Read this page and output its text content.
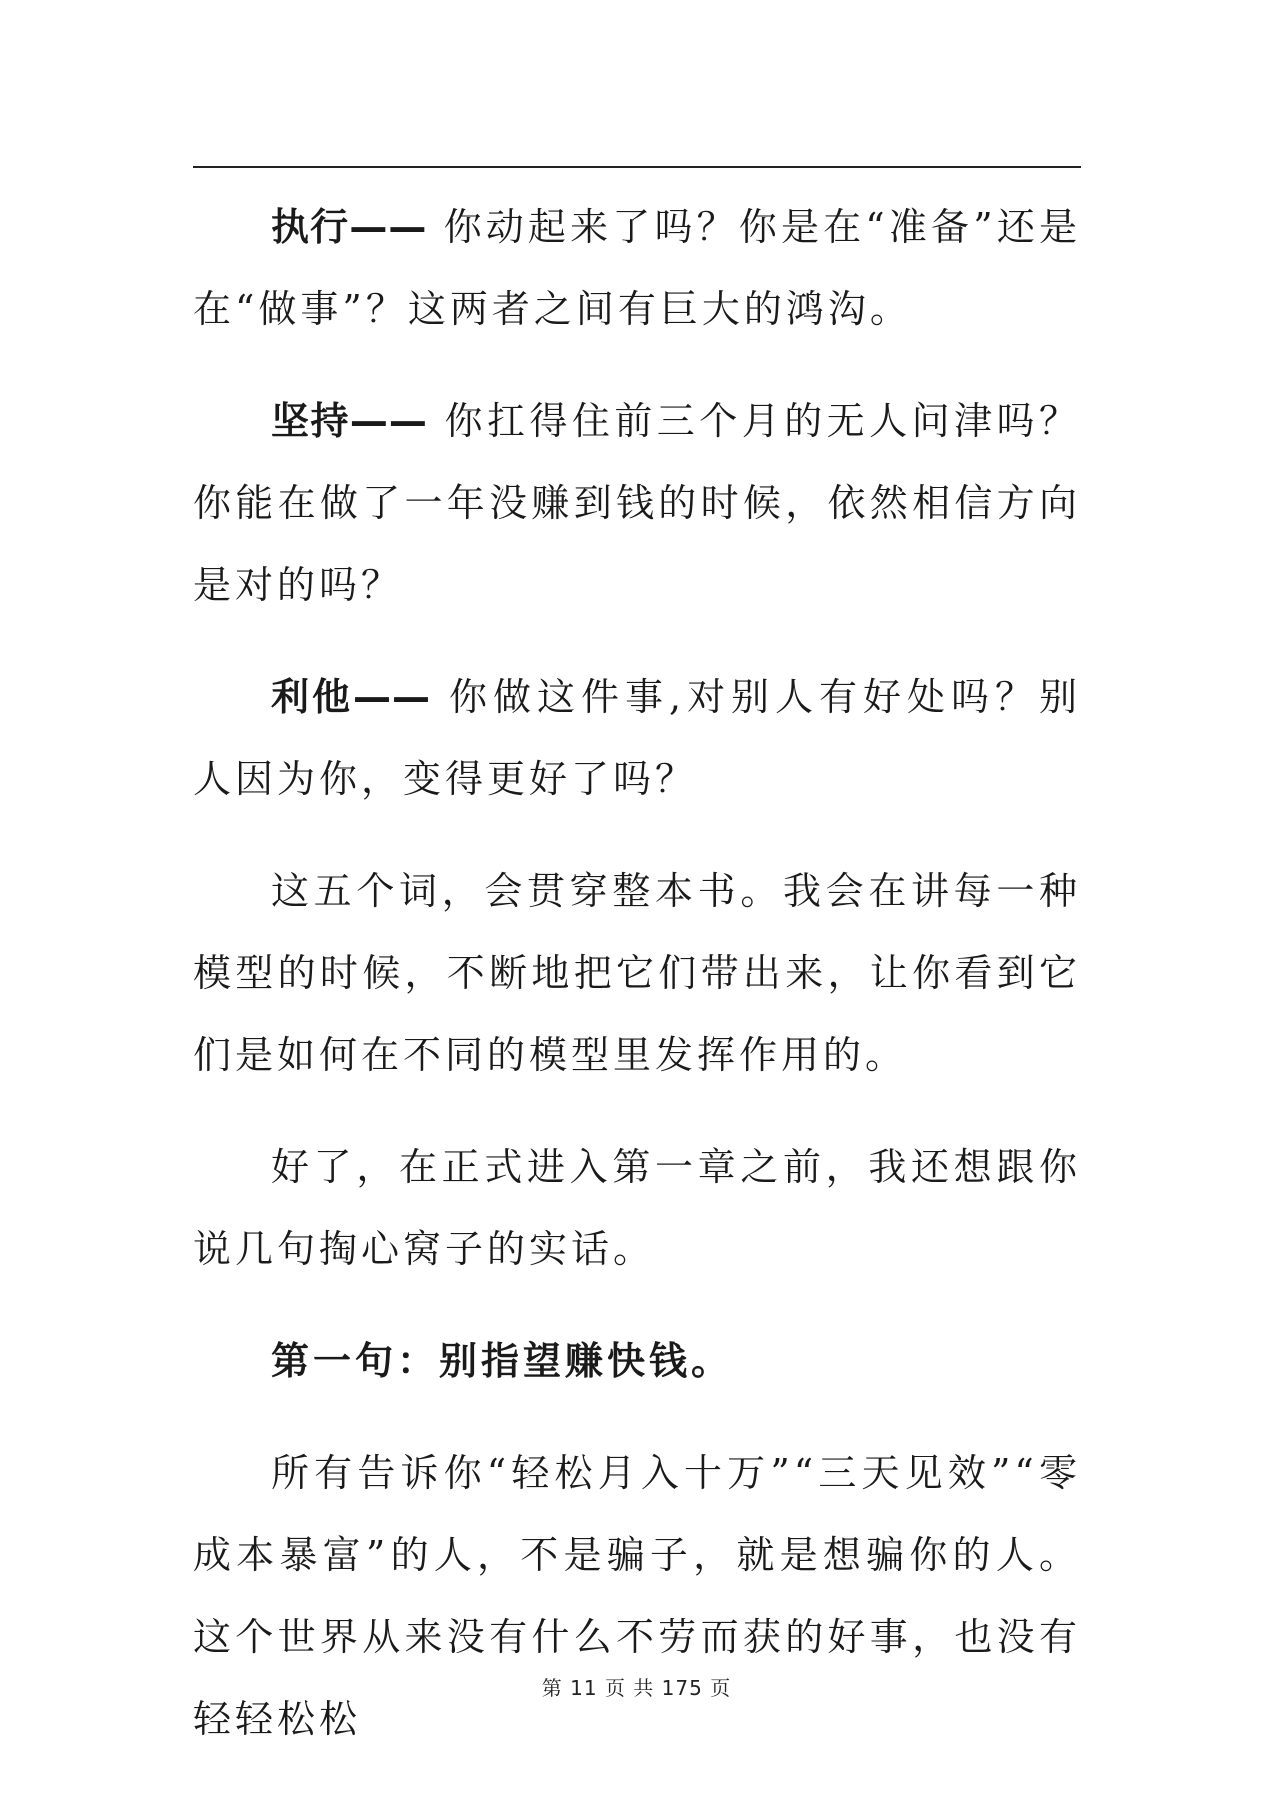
执行—— 你动起来了吗？你是在“准备”还是在“做事”？这两者之间有巨大的鸿沟。

坚持—— 你扛得住前三个月的无人问津吗？你能在做了一年没赚到钱的时候，依然相信方向是对的吗？

利他—— 你做这件事,对别人有好处吗？别人因为你，变得更好了吗？

这五个词，会贯穿整本书。我会在讲每一种模型的时候，不断地把它们带出来，让你看到它们是如何在不同的模型里发挥作用的。

好了，在正式进入第一章之前，我还想跟你说几句掏心窝子的实话。

第一句：别指望赚快钱。

所有告诉你“轻松月入十万”“三天见效”“零成本暴富”的人，不是骗子，就是想骗你的人。这个世界从来没有什么不劳而获的好事，也没有轻轻松松

第 11 页 共 175 页
